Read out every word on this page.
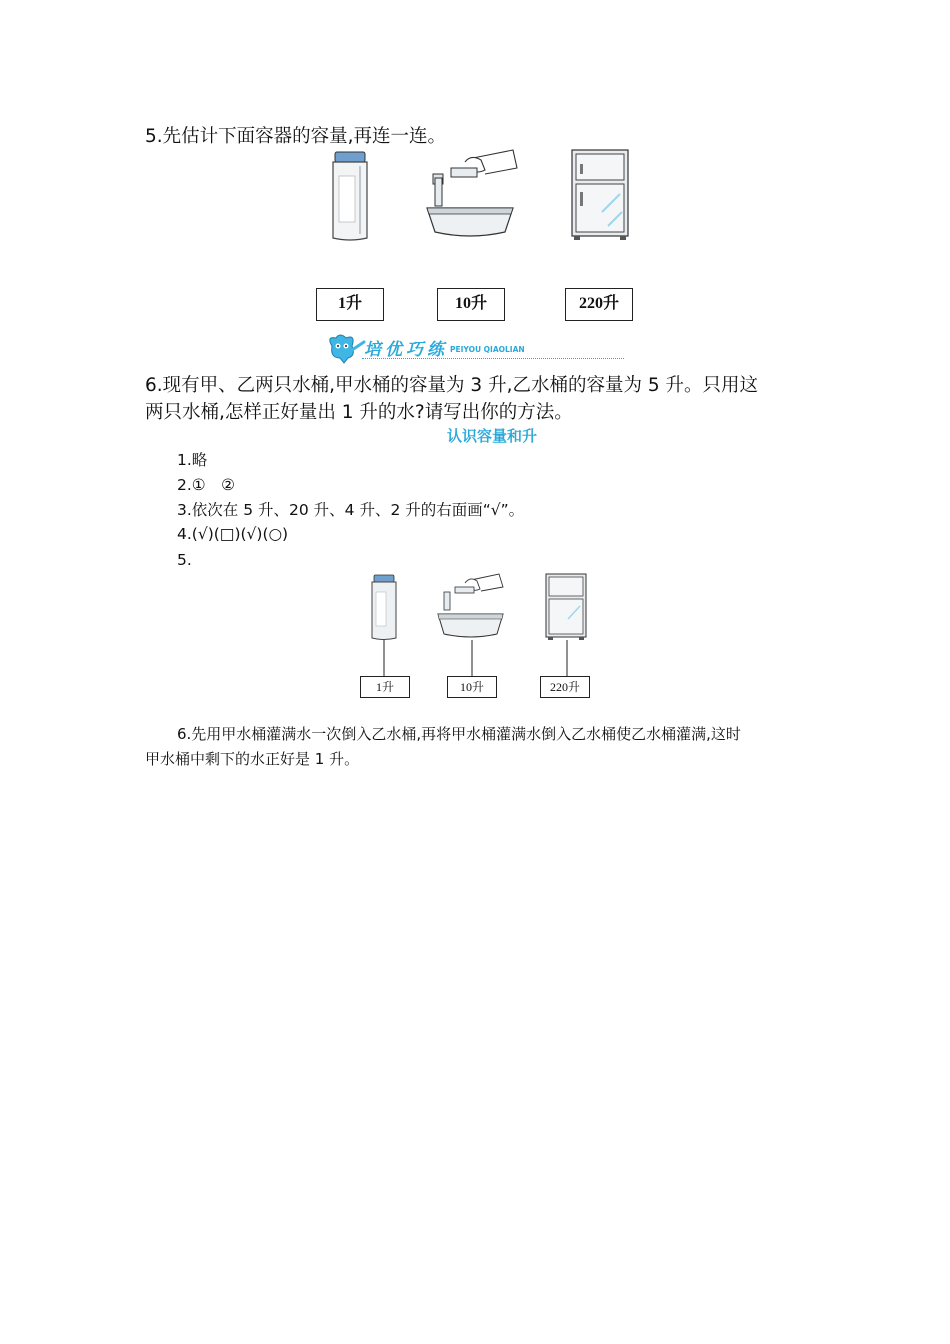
5.先估计下面容器的容量,再连一连。
1升	10升	220升
培优巧练 PEIYOU QIAOLIAN
6.现有甲、乙两只水桶,甲水桶的容量为 3 升,乙水桶的容量为 5 升。只用这
两只水桶,怎样正好量出 1 升的水?请写出你的方法。
认识容量和升
1.略
2.①　②
3.依次在 5 升、20 升、4 升、2 升的右面画“√”。
4.(√)(□)(√)(○)
5.
1升	10升	220升
6.先用甲水桶灌满水一次倒入乙水桶,再将甲水桶灌满水倒入乙水桶使乙水桶灌满,这时
甲水桶中剩下的水正好是 1 升。
